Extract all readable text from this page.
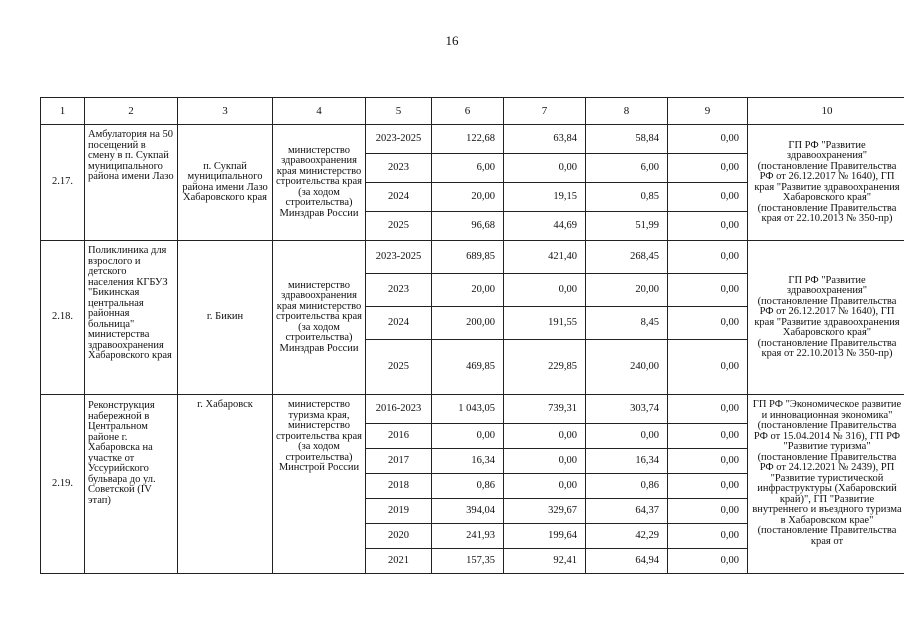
16
1	2	3	4	5	6	7	8	9	10
2.17.	Амбулатория на 50 посещений в смену в п. Сукпай муниципального района имени Лазо	п. Сукпай муниципального района имени Лазо Хабаровского края	министерство здравоохранения края министерство строительства края (за ходом строительства) Минздрав России	2023-2025	122,68	63,84	58,84	0,00	ГП РФ "Развитие здравоохранения" (постановление Правительства РФ от 26.12.2017 № 1640), ГП края "Развитие здравоохранения Хабаровского края" (постановление Правительства края от 22.10.2013 № 350-пр)
				2023	6,00	0,00	6,00	0,00	
				2024	20,00	19,15	0,85	0,00	
				2025	96,68	44,69	51,99	0,00	
2.18.	Поликлиника для взрослого и детского населения КГБУЗ "Бикинская центральная районная больница" министерства здравоохранения Хабаровского края	г. Бикин	министерство здравоохранения края министерство строительства края (за ходом строительства) Минздрав России	2023-2025	689,85	421,40	268,45	0,00	ГП РФ "Развитие здравоохранения" (постановление Правительства РФ от 26.12.2017 № 1640), ГП края "Развитие здравоохранения Хабаровского края" (постановление Правительства края от 22.10.2013 № 350-пр)
				2023	20,00	0,00	20,00	0,00	
				2024	200,00	191,55	8,45	0,00	
				2025	469,85	229,85	240,00	0,00	
2.19.	Реконструкция набережной в Центральном районе г. Хабаровска на участке от Уссурийского бульвара до ул. Советской (IV этап)	г. Хабаровск	министерство туризма края, министерство строительства края (за ходом строительства) Минстрой России	2016-2023	1 043,05	739,31	303,74	0,00	ГП РФ "Экономическое развитие и инновационная экономика" (постановление Правительства РФ от 15.04.2014 № 316), ГП РФ "Развитие туризма" (постановление Правительства РФ от 24.12.2021 № 2439), РП "Развитие туристической инфраструктуры (Хабаровский край)", ГП "Развитие внутреннего и въездного туризма в Хабаровском крае" (постановление Правительства края от
				2016	0,00	0,00	0,00	0,00	
				2017	16,34	0,00	16,34	0,00	
				2018	0,86	0,00	0,86	0,00	
				2019	394,04	329,67	64,37	0,00	
				2020	241,93	199,64	42,29	0,00	
				2021	157,35	92,41	64,94	0,00	
